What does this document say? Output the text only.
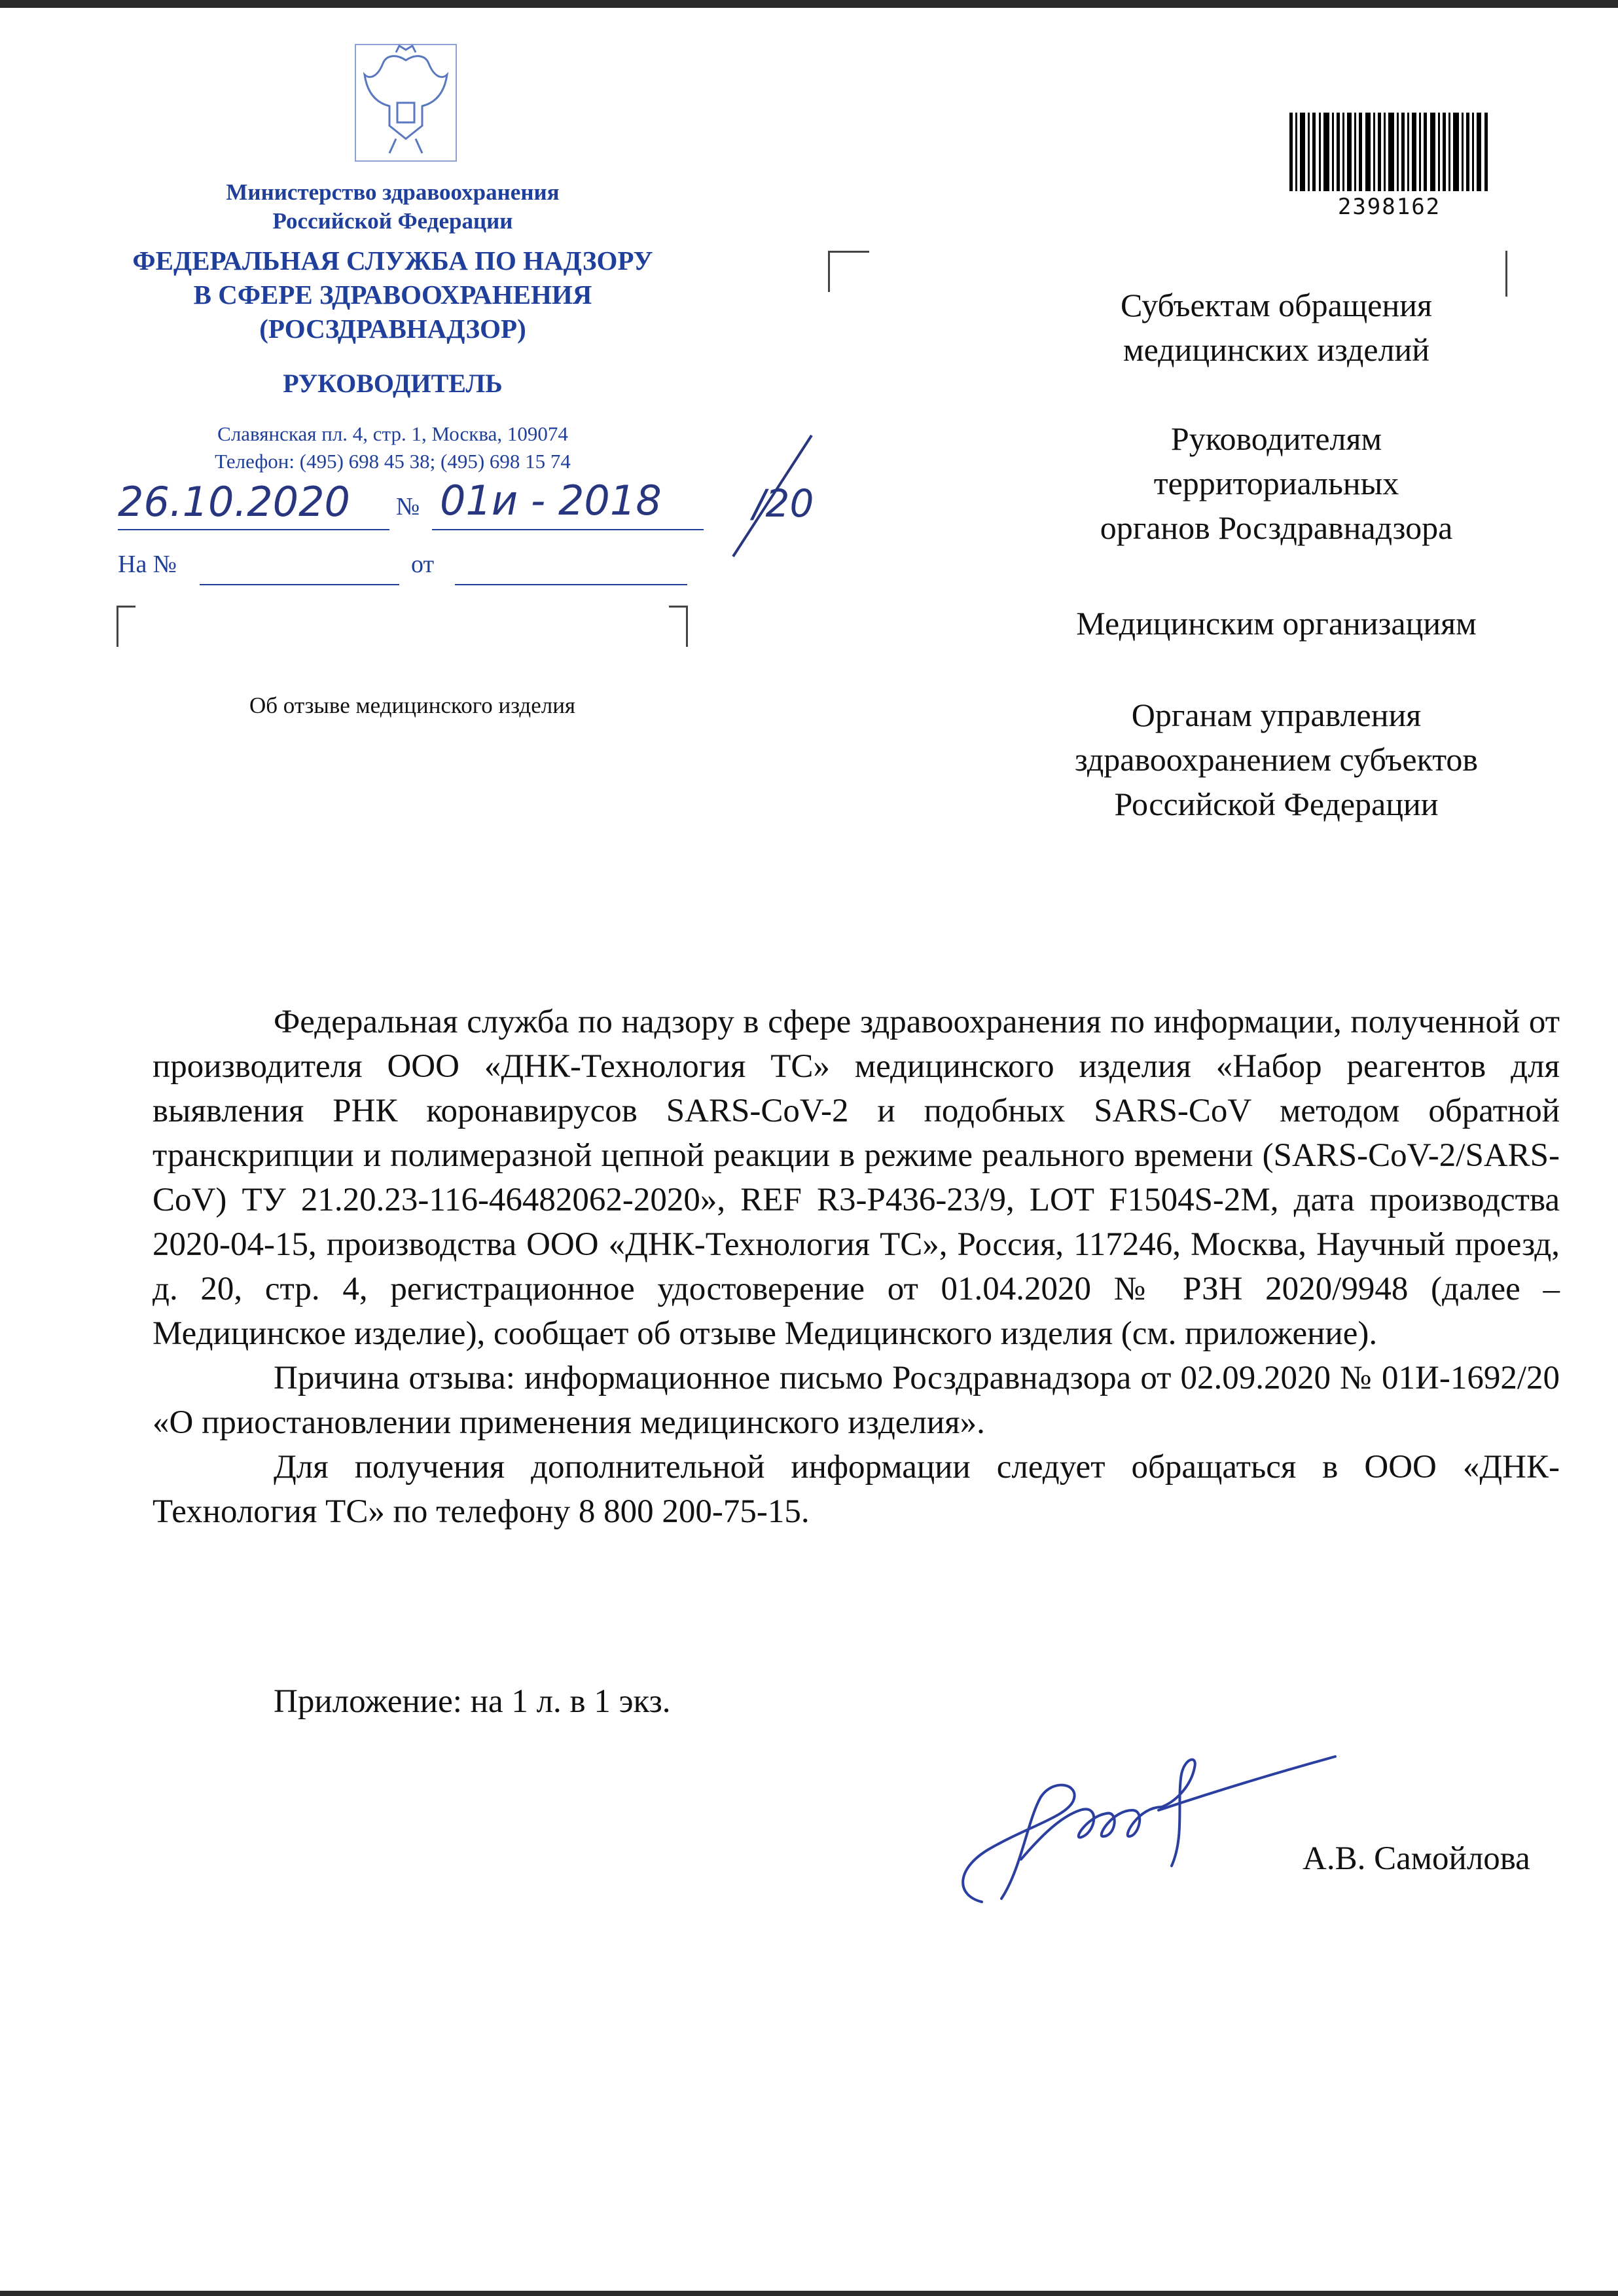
Министерство здравоохранения
Российской Федерации
ФЕДЕРАЛЬНАЯ СЛУЖБА ПО НАДЗОРУ
В СФЕРЕ ЗДРАВООХРАНЕНИЯ
(РОСЗДРАВНАДЗОР)
РУКОВОДИТЕЛЬ
Славянская пл. 4, стр. 1, Москва, 109074
Телефон: (495) 698 45 38; (495) 698 15 74
26.10.2020 № 01и - 2018 /20
На №	от
2398162
Субъектам обращения
медицинских изделий
Руководителям
территориальных
органов Росздравнадзора
Медицинским организациям
Органам управления
здравоохранением субъектов
Российской Федерации
Об отзыве медицинского изделия

Федеральная служба по надзору в сфере здравоохранения по информации, полученной от производителя ООО «ДНК-Технология ТС» медицинского изделия «Набор реагентов для выявления РНК коронавирусов SARS-CoV-2 и подобных SARS-CoV методом обратной транскрипции и полимеразной цепной реакции в режиме реального времени (SARS-CoV-2/SARS-CoV) ТУ 21.20.23-116-46482062-2020», REF R3-P436-23/9, LOT F1504S-2M, дата производства 2020-04-15, производства ООО «ДНК-Технология ТС», Россия, 117246, Москва, Научный проезд, д. 20, стр. 4, регистрационное удостоверение от 01.04.2020 № РЗН 2020/9948 (далее – Медицинское изделие), сообщает об отзыве Медицинского изделия (см. приложение).

Причина отзыва: информационное письмо Росздравнадзора от 02.09.2020 № 01И-1692/20 «О приостановлении применения медицинского изделия».

Для получения дополнительной информации следует обращаться в ООО «ДНК-Технология ТС» по телефону 8 800 200-75-15.

Приложение: на 1 л. в 1 экз.
А.В. Самойлова
